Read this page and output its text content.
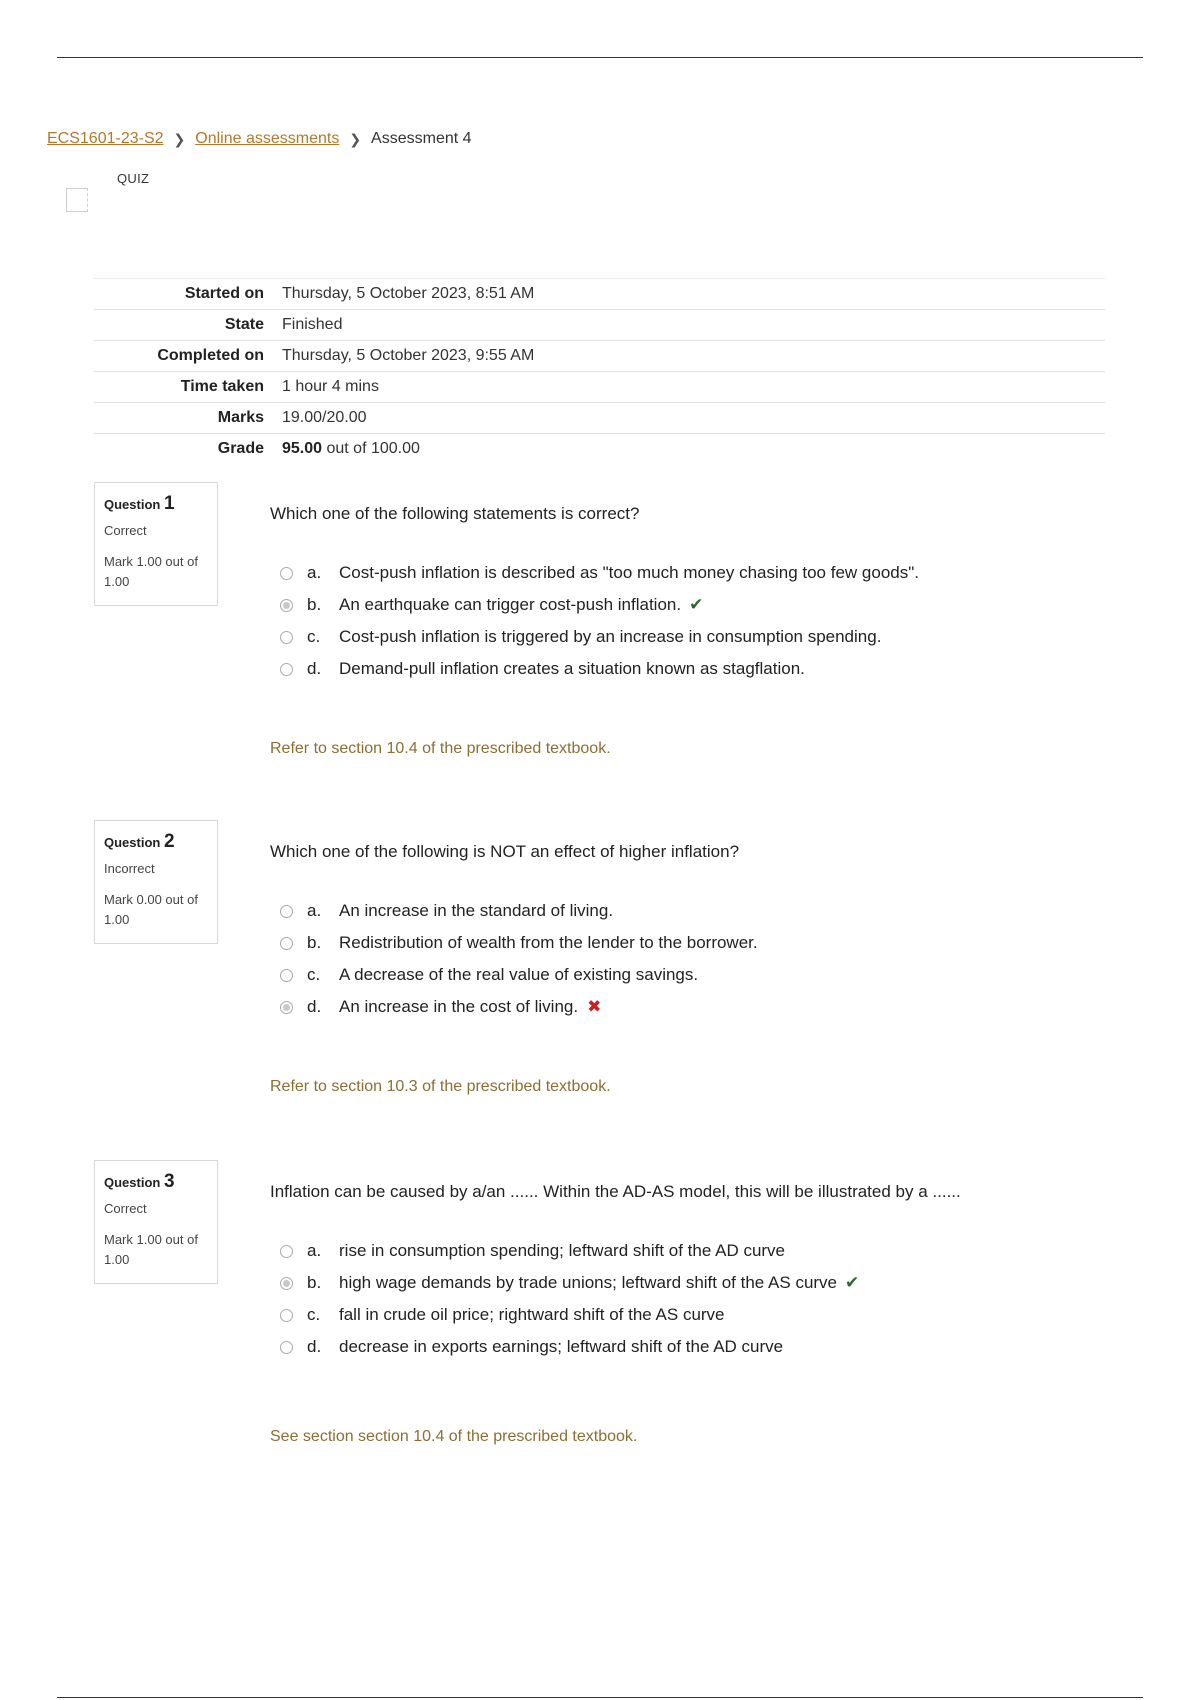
ECS1601-23-S2 ❯ Online assessments ❯ Assessment 4
QUIZ
Started on	Thursday, 5 October 2023, 8:51 AM
State	Finished
Completed on	Thursday, 5 October 2023, 9:55 AM
Time taken	1 hour 4 mins
Marks	19.00/20.00
Grade	95.00 out of 100.00
Question 1
Correct
Mark 1.00 out of 1.00
Which one of the following statements is correct?
a.	Cost-push inflation is described as "too much money chasing too few goods".
b.	An earthquake can trigger cost-push inflation. ✔
c.	Cost-push inflation is triggered by an increase in consumption spending.
d.	Demand-pull inflation creates a situation known as stagflation.
Refer to section 10.4 of the prescribed textbook.
Question 2
Incorrect
Mark 0.00 out of 1.00
Which one of the following is NOT an effect of higher inflation?
a.	An increase in the standard of living.
b.	Redistribution of wealth from the lender to the borrower.
c.	A decrease of the real value of existing savings.
d.	An increase in the cost of living. ✖
Refer to section 10.3 of the prescribed textbook.
Question 3
Correct
Mark 1.00 out of 1.00
Inflation can be caused by a/an ...... Within the AD-AS model, this will be illustrated by a ......
a.	rise in consumption spending; leftward shift of the AD curve
b.	high wage demands by trade unions; leftward shift of the AS curve ✔
c.	fall in crude oil price; rightward shift of the AS curve
d.	decrease in exports earnings; leftward shift of the AD curve
See section section 10.4 of the prescribed textbook.
